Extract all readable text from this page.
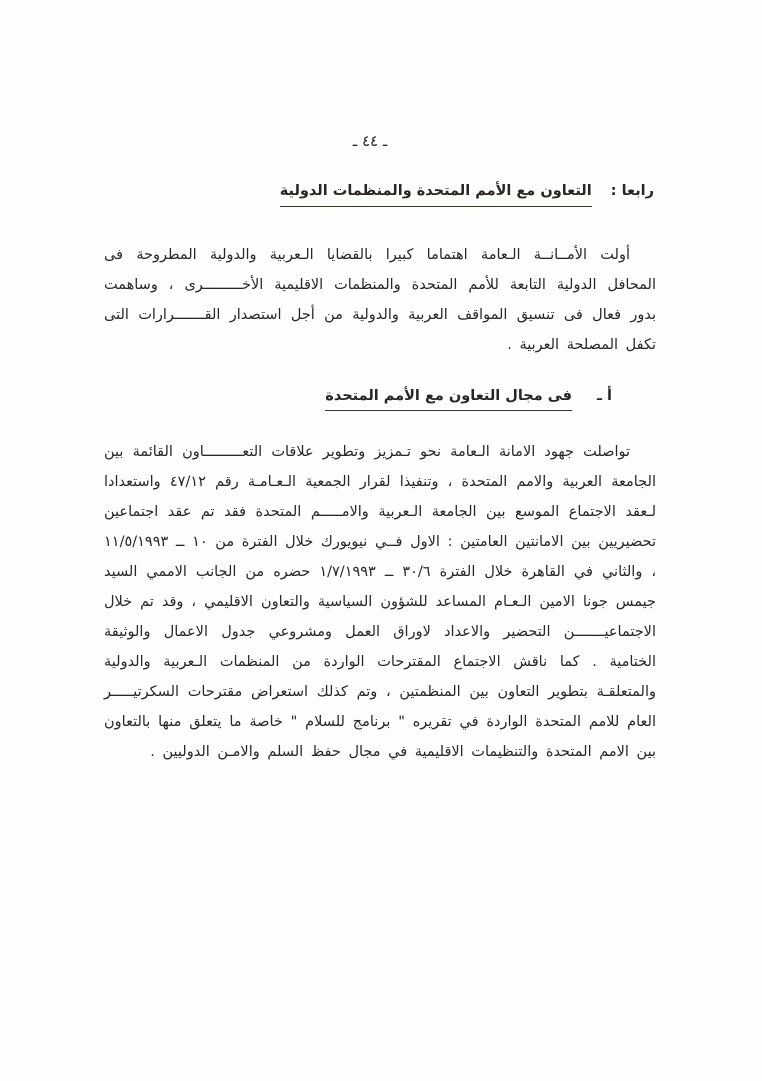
ـ ٤٤ ـ
رابعا : التعاون مع الأمم المتحدة والمنظمات الدولية
أولت الأمــانــة الـعامة اهتماما كبيرا بالقضايا الـعربية والدولية المطروحة فى المحافل الدولية التابعة للأمم المتحدة والمنظمات الاقليمية الأخـــــــــرى ، وساهمت بدور فعال فى تنسيق المواقف العربية والدولية من أجل استصدار القـــــــرارات التى تكفل المصلحة العربية .
أ ـ فى مجال التعاون مع الأمم المتحدة
تواصلت جهود الامانة الـعامة نحو تـمزيز وتطوير علاقات التعـــــــــاون القائمة بين الجامعة العربية والامم المتحدة ، وتنفيذا لقرار الجمعية الـعـامـة رقم ٤٧/١٢ واستعدادا لـعقد الاجتماع الموسع بين الجامعة الـعربية والامـــــم المتحدة فقد تم عقد اجتماعين تحضيريين بين الامانتين العامتين : الاول فــي نيويورك خلال الفترة من ١٠ ــ ١١/٥/١٩٩٣ ، والثاني في القاهرة خلال الفترة ٣٠/٦ ــ ١/٧/١٩٩٣ حضره من الجانب الاممي السيد جيمس جونا الامين الـعـام المساعد للشؤون السياسية والتعاون الاقليمي ، وقد تم خلال الاجتماعيـــــــن التحضير والاعداد لاوراق العمل ومشروعي جدول الاعمال والوثيقة الختامية . كما ناقش الاجتماع المقترحات الواردة من المنظمات الـعربية والدولية والمتعلقـة بتطوير التعاون بين المنظمتين ، وتم كذلك استعراض مقترحات السكرتيـــــر العام للامم المتحدة الواردة في تقريره " برنامج للسلام " خاصة ما يتعلق منها بالتعاون بين الامم المتحدة والتنظيمات الاقليمية في مجال حفظ السلم والامـن الدوليين .
